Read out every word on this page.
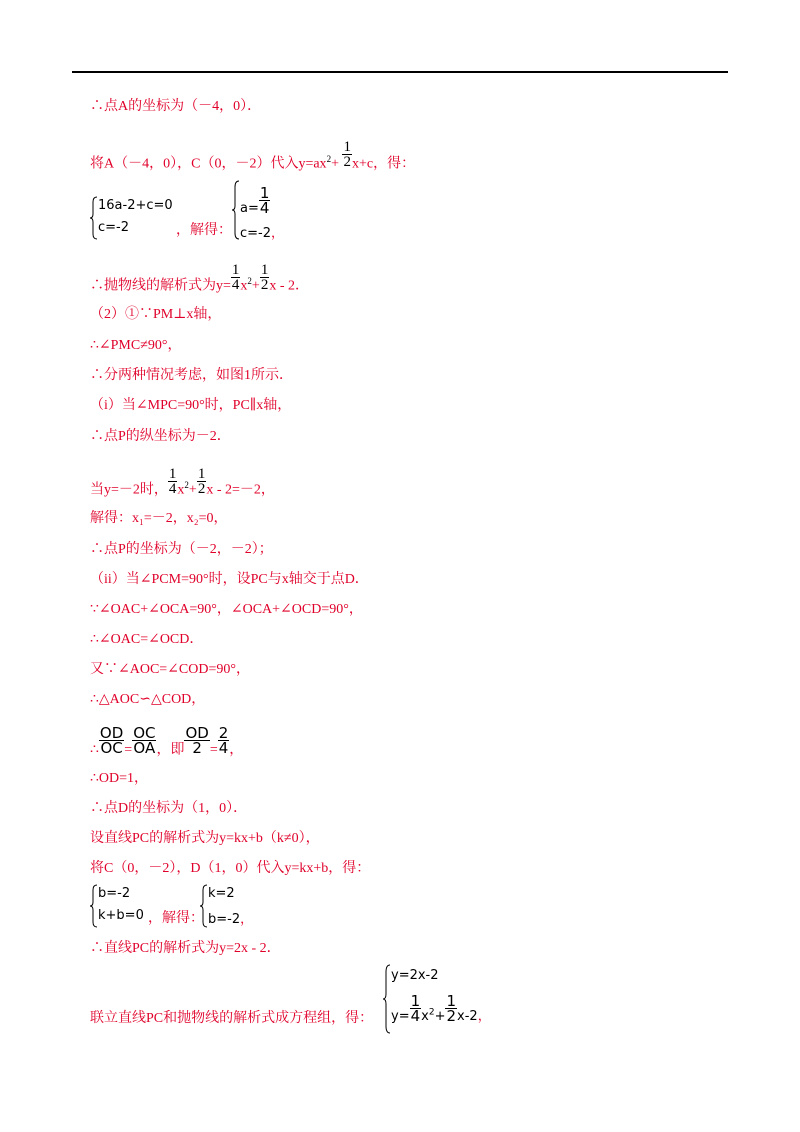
∴点A的坐标为（－4，0）．
将A（－4，0），C（0，－2）代入$y=ax^2+ \frac{1}{2} x+c$，得：
16a-2+c=0
c=-2	，解得：
$a= \frac{1}{4}$
c=-2，
∴抛物线的解析式为$y= \frac{1}{4} x^2+ \frac{1}{2}$ x - 2．
（2）①∵PM⊥x轴，
∴∠PMC≠90°，
∴分两种情况考虑，如图1所示．
（i）当∠MPC=90°时，PC∥x轴，
∴点P的纵坐标为－2．
当y=－2时， $\frac{1}{4} x^2+ \frac{1}{2}$ x - 2=－2，
解得：x₁=－2，x₂=0，
∴点P的坐标为（－2，－2）；
（ii）当∠PCM=90°时，设PC与x轴交于点D．
∵∠OAC+∠OCA=90°，∠OCA+∠OCD=90°，
∴∠OAC=∠OCD．
又∵∠AOC=∠COD=90°，
∴△AOC∽△COD，
∴ $\frac{OD}{OC} = \frac{OC}{OA}$ ，即 $\frac{OD}{2} = \frac{2}{4}$ ，
∴OD=1，
∴点D的坐标为（1，0）．
设直线PC的解析式为y=kx+b（k≠0），
将C（0，－2），D（1，0）代入y=kx+b，得：
b=-2
k+b=0 ，解得：
k=2
b=-2，
∴直线PC的解析式为y=2x - 2．
联立直线PC和抛物线的解析式成方程组，得：
y=2x-2
$y= \frac{1}{4} x^2+ \frac{1}{2} x-2$，
